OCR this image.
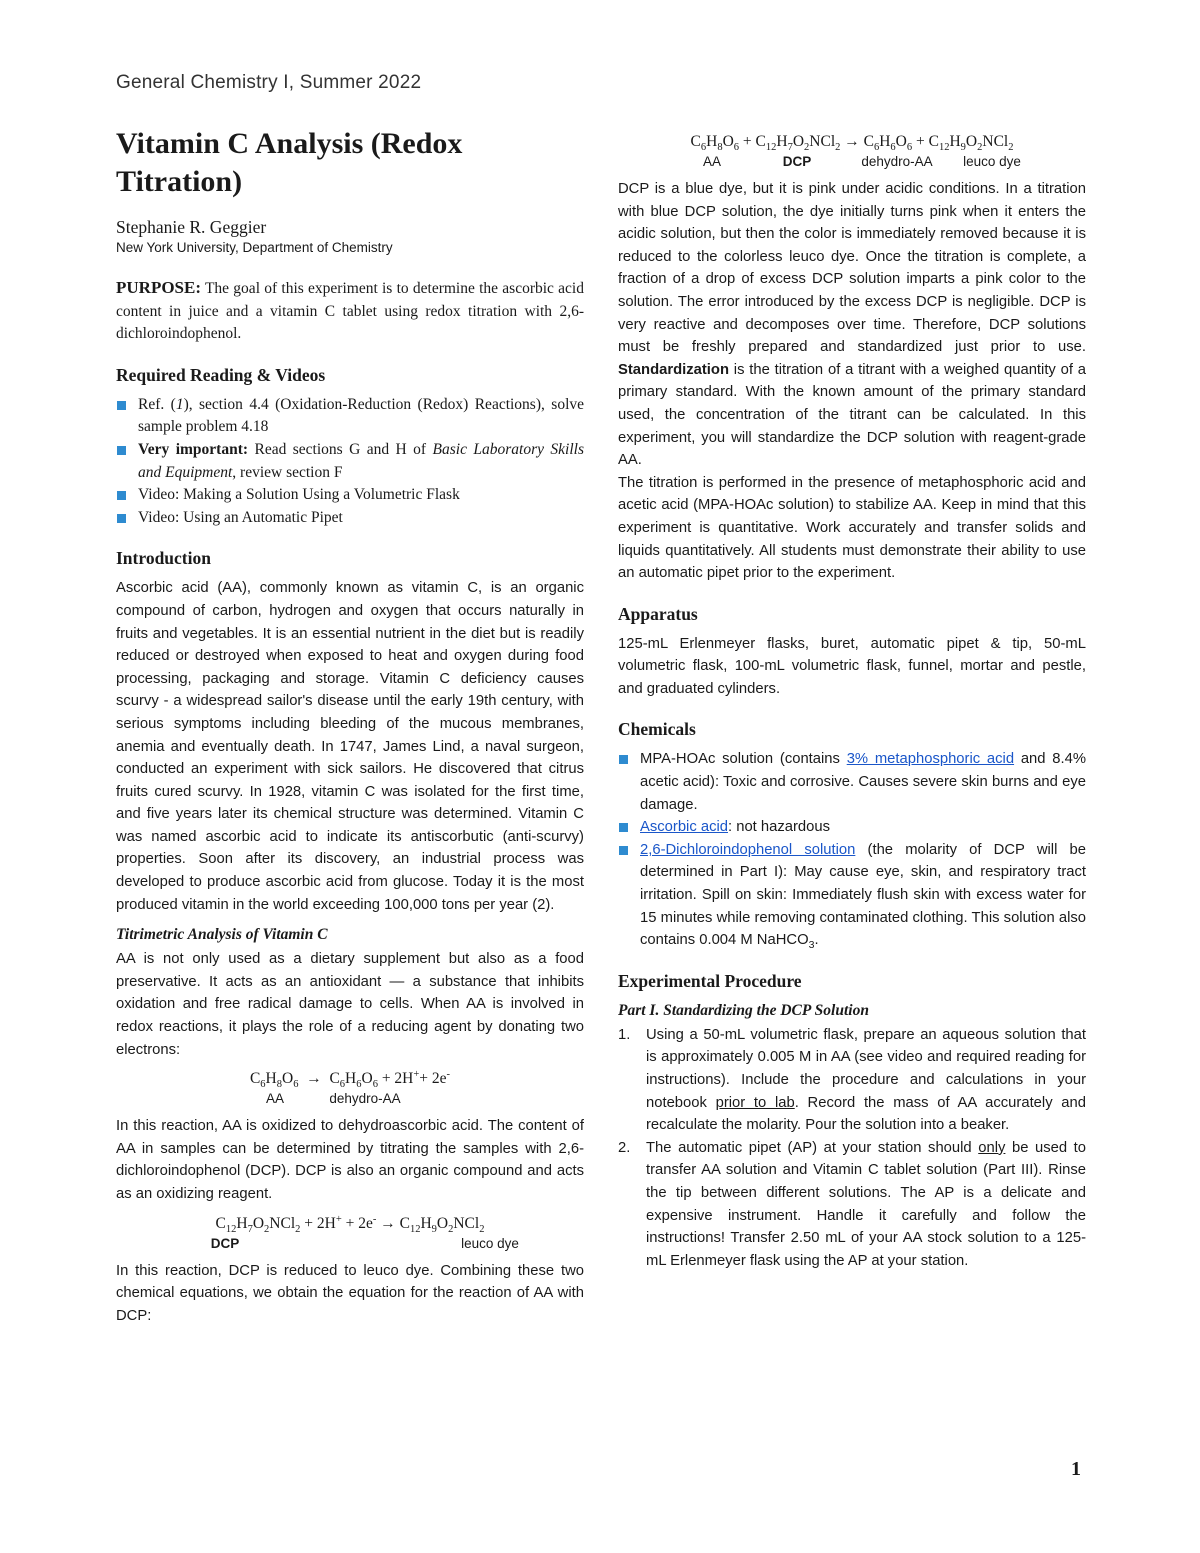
General Chemistry I, Summer 2022
Vitamin C Analysis (Redox Titration)
Stephanie R. Geggier
New York University, Department of Chemistry

PURPOSE: The goal of this experiment is to determine the ascorbic acid content in juice and a vitamin C tablet using redox titration with 2,6-dichloroindophenol.

Required Reading & Videos
Ref. (1), section 4.4 (Oxidation-Reduction (Redox) Reactions), solve sample problem 4.18
Very important: Read sections G and H of Basic Laboratory Skills and Equipment, review section F
Video: Making a Solution Using a Volumetric Flask
Video: Using an Automatic Pipet
Introduction

Ascorbic acid (AA), commonly known as vitamin C, is an organic compound of carbon, hydrogen and oxygen that occurs naturally in fruits and vegetables. It is an essential nutrient in the diet but is readily reduced or destroyed when exposed to heat and oxygen during food processing, packaging and storage. Vitamin C deficiency causes scurvy - a widespread sailor's disease until the early 19th century, with serious symptoms including bleeding of the mucous membranes, anemia and eventually death. In 1747, James Lind, a naval surgeon, conducted an experiment with sick sailors. He discovered that citrus fruits cured scurvy. In 1928, vitamin C was isolated for the first time, and five years later its chemical structure was determined. Vitamin C was named ascorbic acid to indicate its antiscorbutic (anti-scurvy) properties. Soon after its discovery, an industrial process was developed to produce ascorbic acid from glucose. Today it is the most produced vitamin in the world exceeding 100,000 tons per year (2).

Titrimetric Analysis of Vitamin C

AA is not only used as a dietary supplement but also as a food preservative. It acts as an antioxidant — a substance that inhibits oxidation and free radical damage to cells. When AA is involved in redox reactions, it plays the role of a reducing agent by donating two electrons:

$C_6H_8O_6 \to C_6H_6O_6 + 2H^++ 2e^-$
AA	dehydro-AA

In this reaction, AA is oxidized to dehydroascorbic acid. The content of AA in samples can be determined by titrating the samples with 2,6-dichloroindophenol (DCP). DCP is also an organic compound and acts as an oxidizing reagent.

$C_{12}H_7O_2NCl_2 + 2H^+ + 2e^- \to C_{12}H_9O_2NCl_2$
DCP	leuco dye

In this reaction, DCP is reduced to leuco dye. Combining these two chemical equations, we obtain the equation for the reaction of AA with DCP:

$C_6H_8O_6 + C_{12}H_7O_2NCl_2 \to C_6H_6O_6 + C_{12}H_9O_2NCl_2$
AA	DCP	dehydro-AA	leuco dye

DCP is a blue dye, but it is pink under acidic conditions. In a titration with blue DCP solution, the dye initially turns pink when it enters the acidic solution, but then the color is immediately removed because it is reduced to the colorless leuco dye. Once the titration is complete, a fraction of a drop of excess DCP solution imparts a pink color to the solution. The error introduced by the excess DCP is negligible. DCP is very reactive and decomposes over time. Therefore, DCP solutions must be freshly prepared and standardized just prior to use. Standardization is the titration of a titrant with a weighed quantity of a primary standard. With the known amount of the primary standard used, the concentration of the titrant can be calculated. In this experiment, you will standardize the DCP solution with reagent-grade AA.

The titration is performed in the presence of metaphosphoric acid and acetic acid (MPA-HOAc solution) to stabilize AA. Keep in mind that this experiment is quantitative. Work accurately and transfer solids and liquids quantitatively. All students must demonstrate their ability to use an automatic pipet prior to the experiment.

Apparatus

125-mL Erlenmeyer flasks, buret, automatic pipet & tip, 50-mL volumetric flask, 100-mL volumetric flask, funnel, mortar and pestle, and graduated cylinders.

Chemicals
MPA-HOAc solution (contains 3% metaphosphoric acid and 8.4% acetic acid): Toxic and corrosive. Causes severe skin burns and eye damage.
Ascorbic acid: not hazardous
2,6-Dichloroindophenol solution (the molarity of DCP will be determined in Part I): May cause eye, skin, and respiratory tract irritation. Spill on skin: Immediately flush skin with excess water for 15 minutes while removing contaminated clothing. This solution also contains 0.004 M NaHCO$_3$.
Experimental Procedure
Part I. Standardizing the DCP Solution
1. Using a 50-mL volumetric flask, prepare an aqueous solution that is approximately 0.005 M in AA (see video and required reading for instructions). Include the procedure and calculations in your notebook prior to lab. Record the mass of AA accurately and recalculate the molarity. Pour the solution into a beaker.
2. The automatic pipet (AP) at your station should only be used to transfer AA solution and Vitamin C tablet solution (Part III). Rinse the tip between different solutions. The AP is a delicate and expensive instrument. Handle it carefully and follow the instructions! Transfer 2.50 mL of your AA stock solution to a 125-mL Erlenmeyer flask using the AP at your station.
1
